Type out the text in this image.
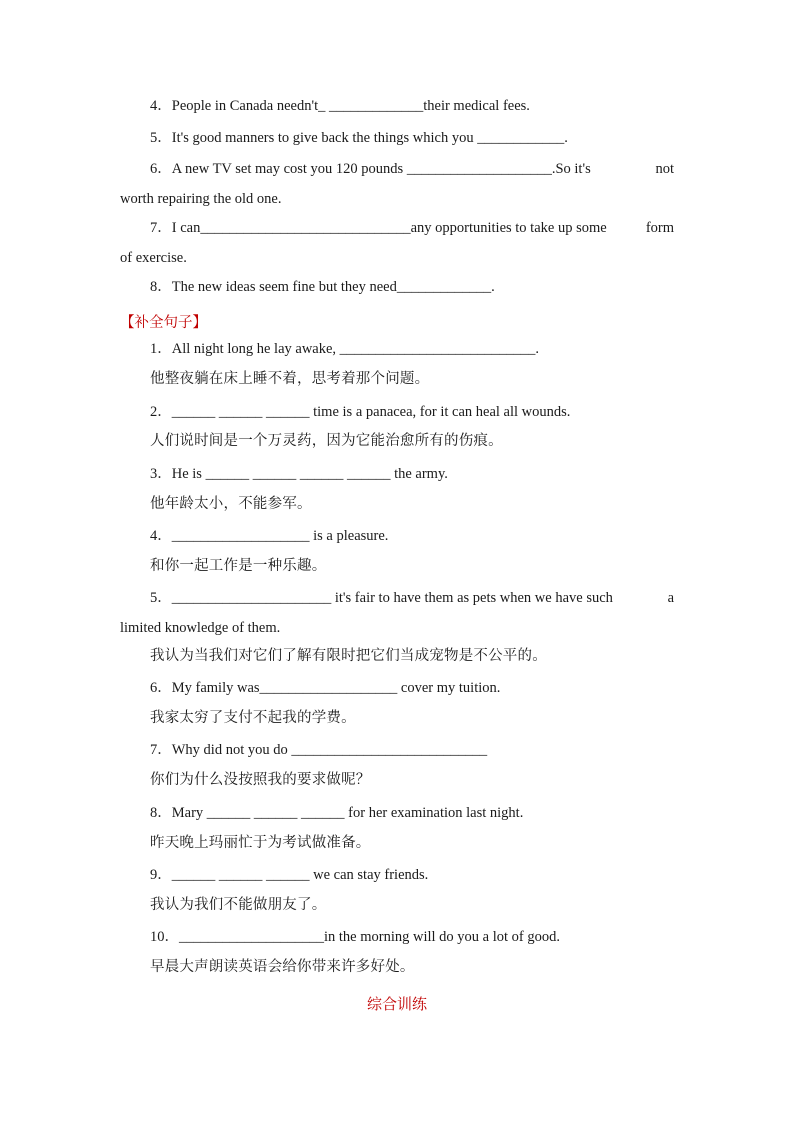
4．People in Canada needn't_ _____________their medical fees.
5．It's good manners to give back the things which you ____________.
6．A new TV set may cost you 120 pounds ____________________.So it's	not
worth repairing the old one.
7．I can_____________________________any opportunities to take up some	form
of exercise.
8．The new ideas seem fine but they need_____________.
【补全句子】
1．All night long he lay awake, ___________________________.
他整夜躺在床上睡不着，思考着那个问题。
2．______ ______ ______ time is a panacea, for it can heal all wounds.
人们说时间是一个万灵药，因为它能治愈所有的伤痕。
3．He is ______ ______ ______ ______ the army.
他年龄太小，不能参军。
4．___________________ is a pleasure.
和你一起工作是一种乐趣。
5．______________________ it's fair to have them as pets when we have such	a
limited knowledge of them.
我认为当我们对它们了解有限时把它们当成宠物是不公平的。
6．My family was___________________ cover my tuition.
我家太穷了支付不起我的学费。
7．Why did not you do ___________________________
你们为什么没按照我的要求做呢？
8．Mary ______ ______ ______ for her examination last night.
昨天晚上玛丽忙于为考试做准备。
9．______ ______ ______ we can stay friends.
我认为我们不能做朋友了。
10．____________________in the morning will do you a lot of good.
早晨大声朗读英语会给你带来许多好处。
综合训练
